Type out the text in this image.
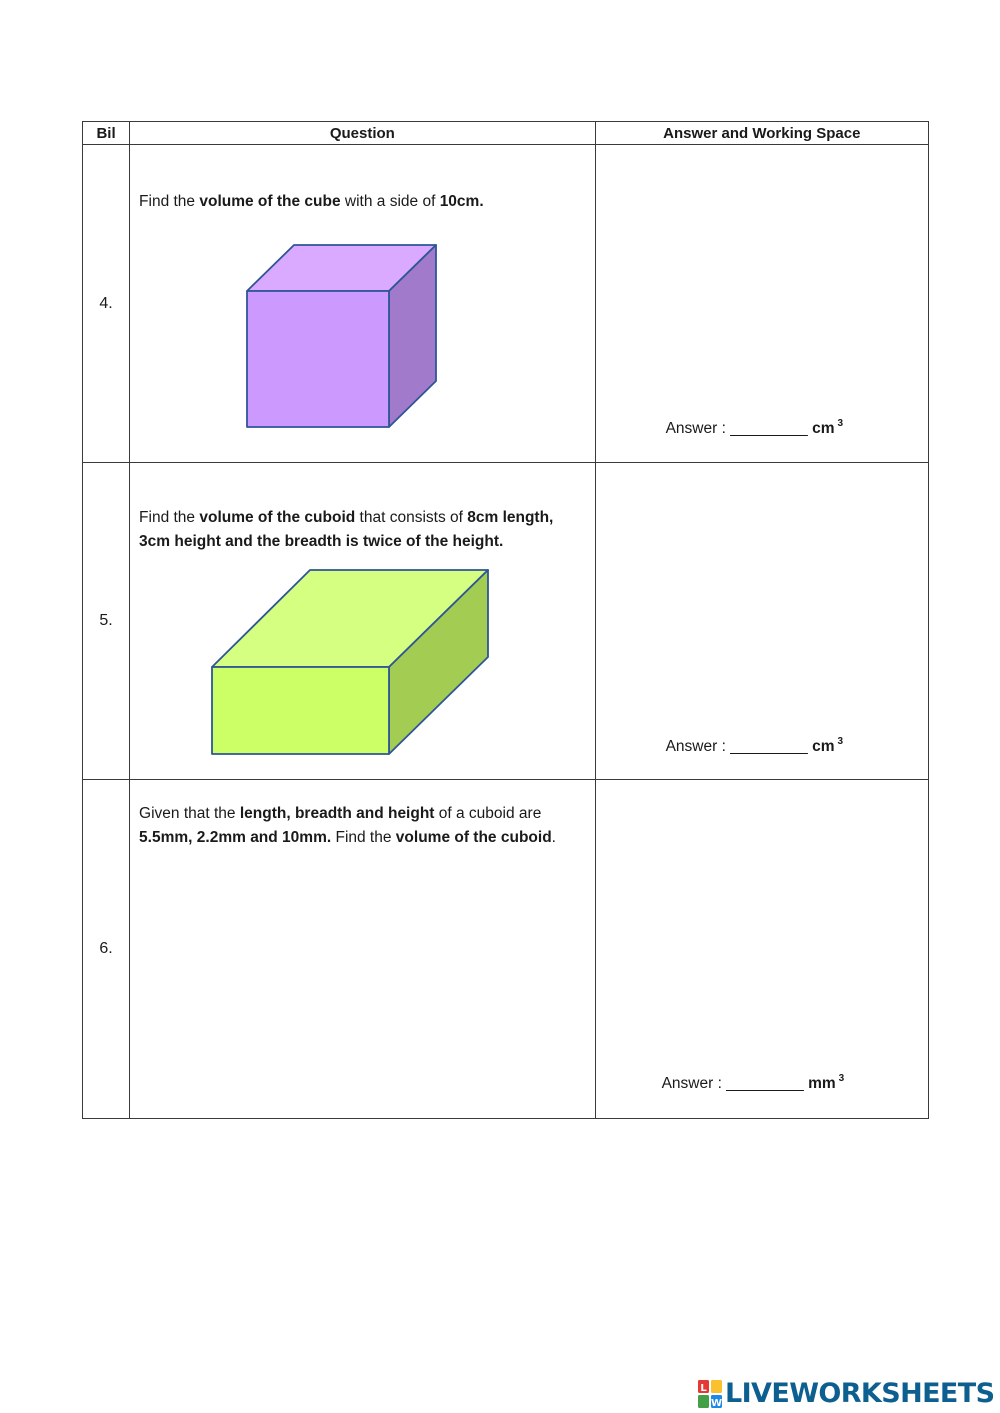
Bil	Question	Answer and Working Space
4.	Find the volume of the cube with a side of 10cm.	Answer : _________ cm $^3$

5.	Find the volume of the cuboid that consists of 8cm length, 3cm height and the breadth is twice of the height.	Answer : _________ cm $^3$

6.	Given that the length, breadth and height of a cuboid are 5.5mm, 2.2mm and 10mm. Find the volume of the cuboid.	Answer : _________ mm $^3$
L
W LIVEWORKSHEETS
